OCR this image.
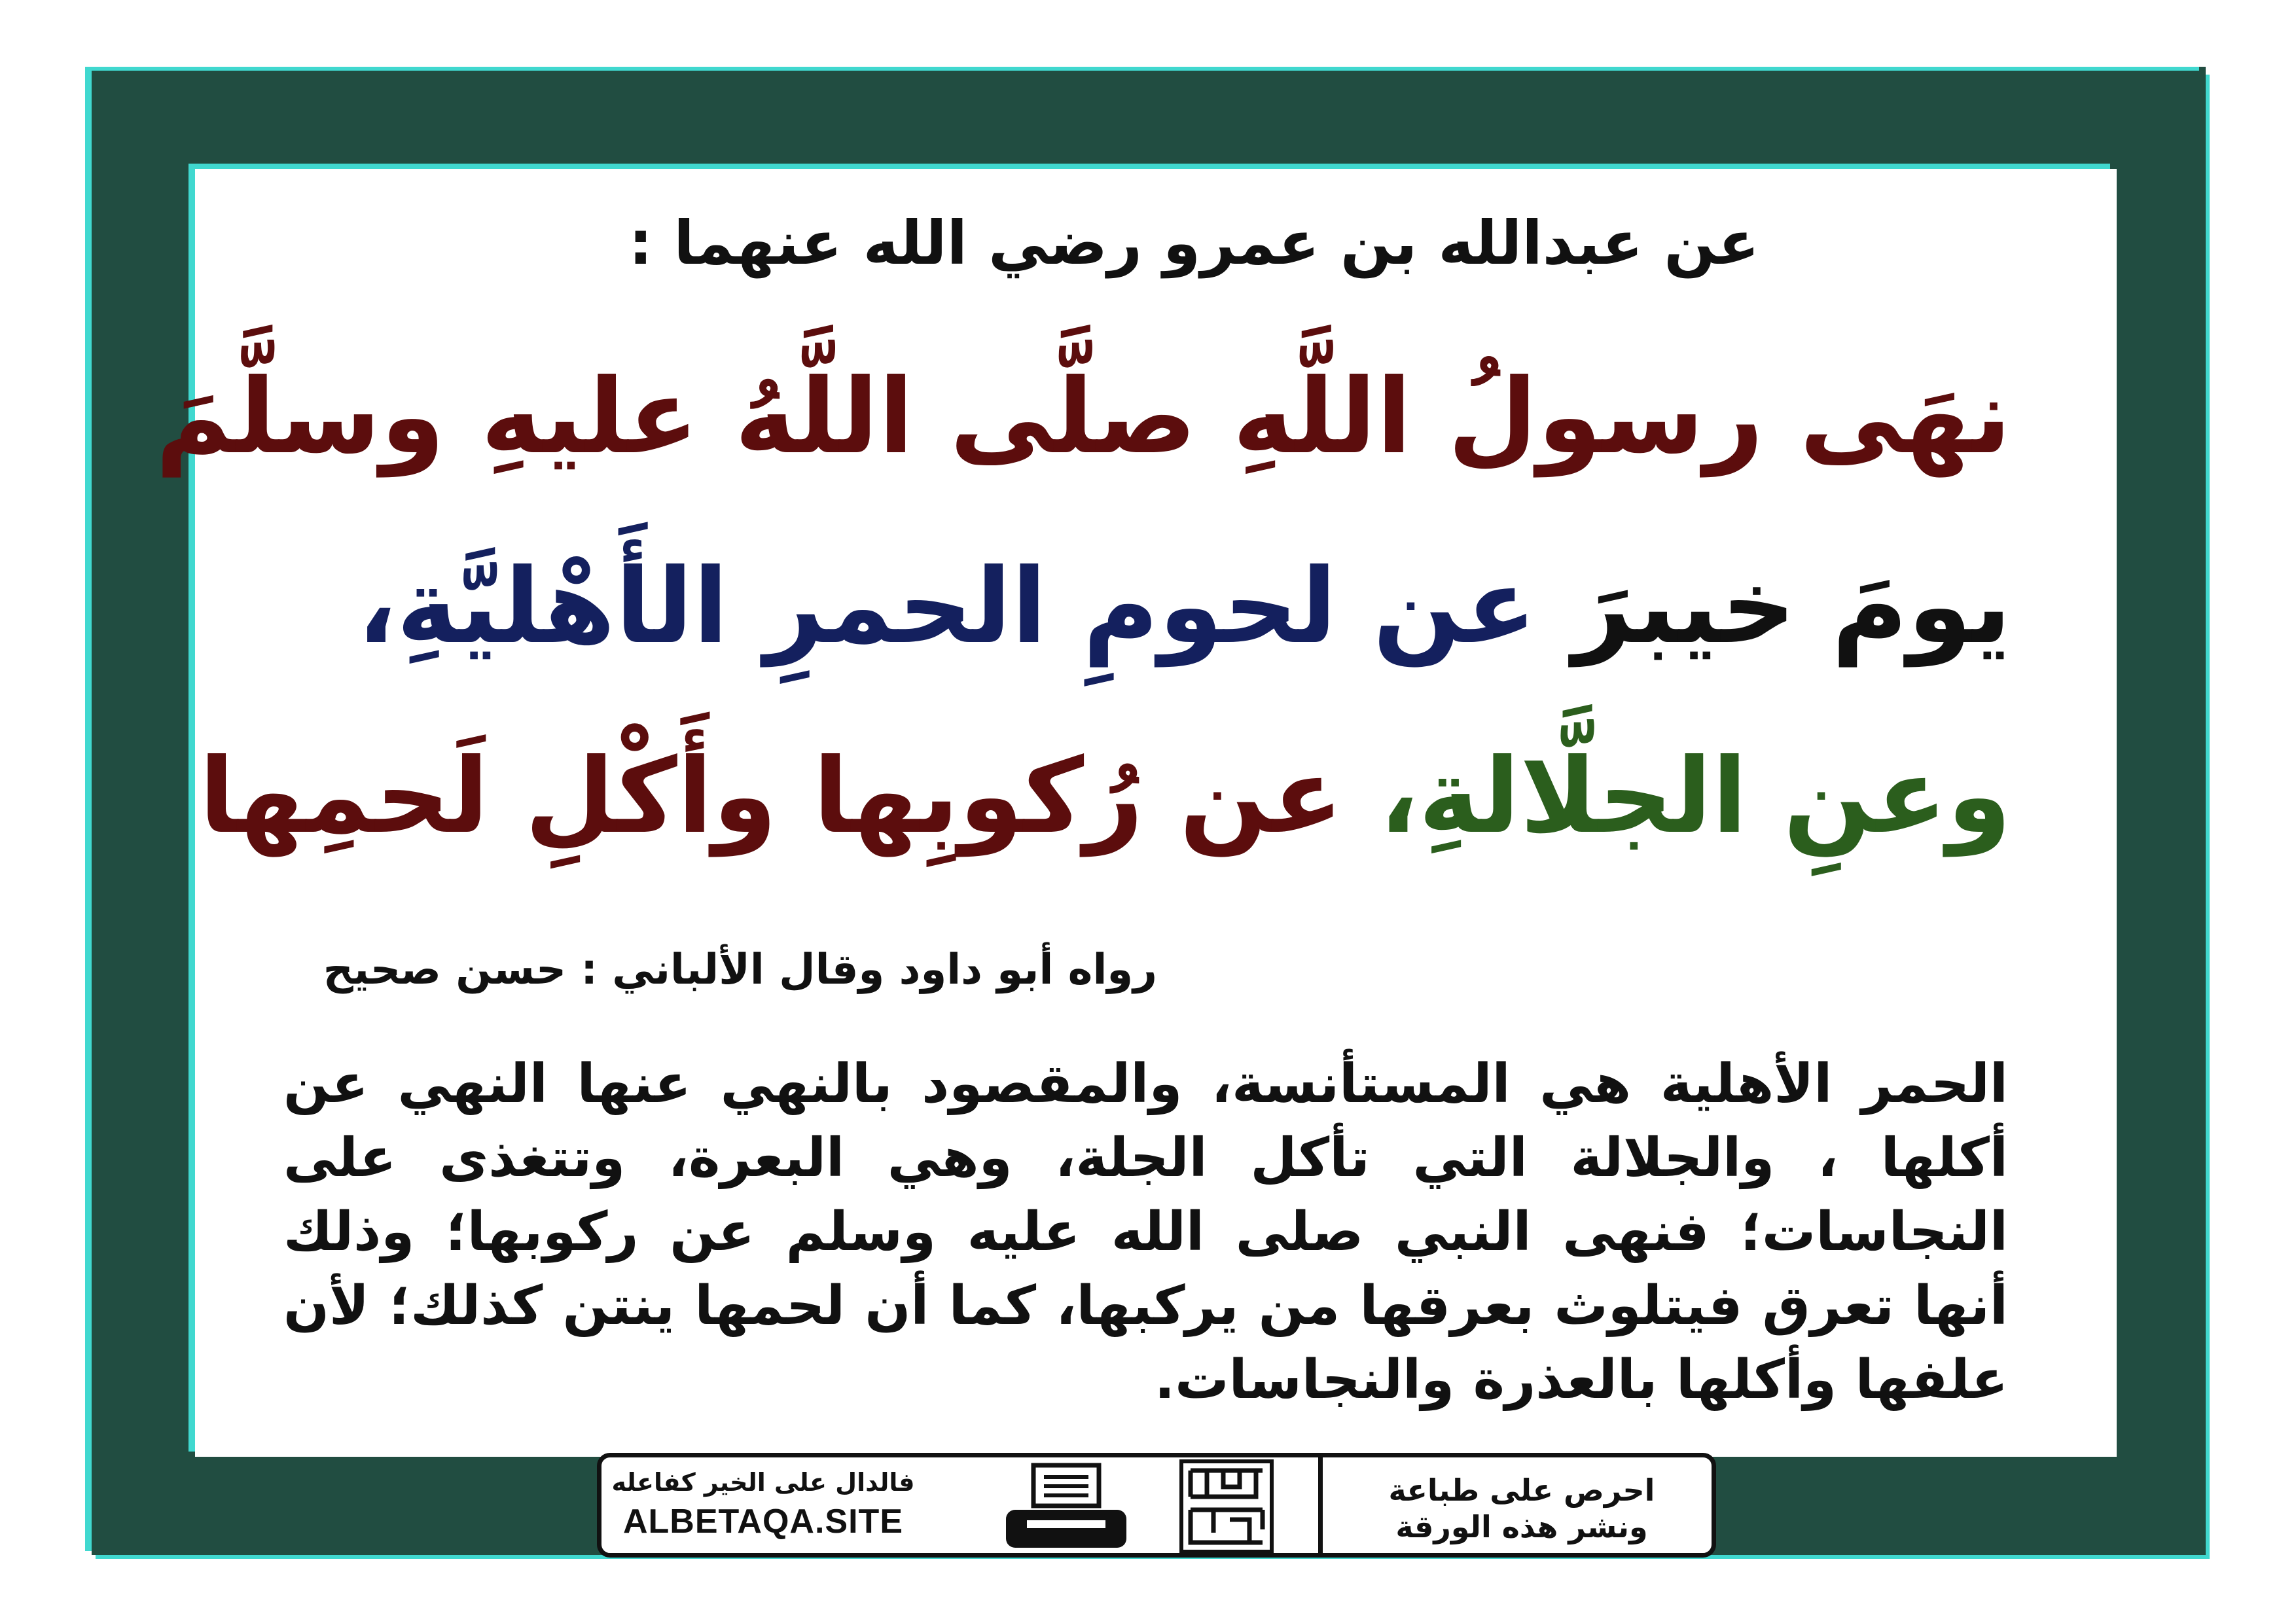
عن عبدالله بن عمرو رضي الله عنهما :

نهَى رسولُ اللَّهِ صلَّى اللَّهُ عليهِ وسلَّمَ

يومَ خيبرَ عن لحومِ الحمرِ الأَهْليَّةِ،

وعنِ الجلَّالةِ، عن رُكوبِها وأَكْلِ لَحمِها

رواه أبو داود وقال الألباني : حسن صحيح

الحمر الأهلية هي المستأنسة، والمقصود بالنهي عنها النهي عن أكلها ، والجلالة التي تأكل الجلة، وهي البعرة، وتتغذى على النجاسات؛ فنهى النبي صلى الله عليه وسلم عن ركوبها؛ وذلك أنها تعرق فيتلوث بعرقها من يركبها، كما أن لحمها ينتن كذلك؛ لأن علفها وأكلها بالعذرة والنجاسات.

فالدال على الخير كفاعله
ALBETAQA.SITE
احرص على طباعة
ونشر هذه الورقة
